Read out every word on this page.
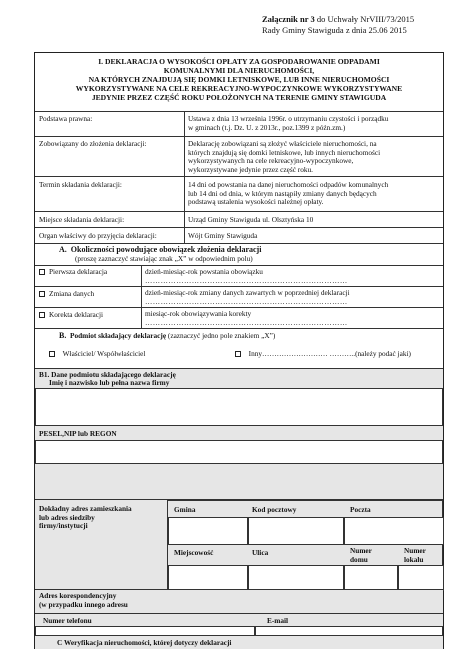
Załącznik nr 3 do Uchwały NrVIII/73/2015
Rady Gminy Stawiguda z dnia 25.06 2015
I. DEKLARACJA O WYSOKOŚCI OPŁATY ZA GOSPODAROWANIE ODPADAMI
KOMUNALNYMI DLA NIERUCHOMOŚCI,
NA KTÓRYCH ZNAJDUJĄ SIĘ DOMKI LETNISKOWE, LUB INNE NIERUCHOMOŚCI
WYKORZYSTYWANE NA CELE REKREACYJNO-WYPOCZYNKOWE WYKORZYSTYWANE
JEDYNIE PRZEZ CZĘŚĆ ROKU POŁOŻONYCH NA TERENIE GMINY STAWIGUDA
Podstawa prawna:	Ustawa z dnia 13 września 1996r. o utrzymaniu czystości i porządku
w gminach (t.j. Dz. U. z 2013r., poz.1399 z późn.zm.)
Zobowiązany do złożenia deklaracji:	Deklarację zobowiązani są złożyć właściciele nieruchomości, na
których znajdują się domki letniskowe, lub innych nieruchomości
wykorzystywanych na cele rekreacyjno-wypoczynkowe,
wykorzystywane jedynie przez część roku.
Termin składania deklaracji:	14 dni od powstania na danej nieruchomości odpadów komunalnych
lub 14 dni od dnia, w którym nastąpiły zmiany danych będących
podstawą ustalenia wysokości należnej opłaty.
Miejsce składania deklaracji:	Urząd Gminy Stawiguda ul. Olsztyńska 10
Organ właściwy do przyjęcia deklaracji:	Wójt Gminy Stawiguda
A. Okoliczności powodujące obowiązek złożenia deklaracji
(proszę zaznaczyć stawiając znak „X” w odpowiednim polu)
Pierwsza deklaracja	dzień-miesiąc-rok powstania obowiązku
……………………………………………………………………
Zmiana danych	dzień-miesiąc-rok zmiany danych zawartych w poprzedniej deklaracji
……………………………………………………………………
Korekta deklaracji	miesiąc-rok obowiązywania korekty
……………………………………………………………………
B. Podmiot składający deklarację (zaznaczyć jedno pole znakiem „X”)
Właściciel/ Współwłaściciel	Inny……………………… ………..(należy podać jaki)
B1. Dane podmiotu składającego deklarację
Imię i nazwisko lub pełna nazwa firmy
PESEL,NIP lub REGON
Dokładny adres zamieszkania
lub adres siedziby
firmy/instytucji
Gmina	Kod pocztowy	Poczta
Miejscowość	Ulica	Numer
domu
Numer
lokalu
Adres korespondencyjny
(w przypadku innego adresu
Numer telefonu	E-mail
C Weryfikacja nieruchomości, której dotyczy deklaracji
